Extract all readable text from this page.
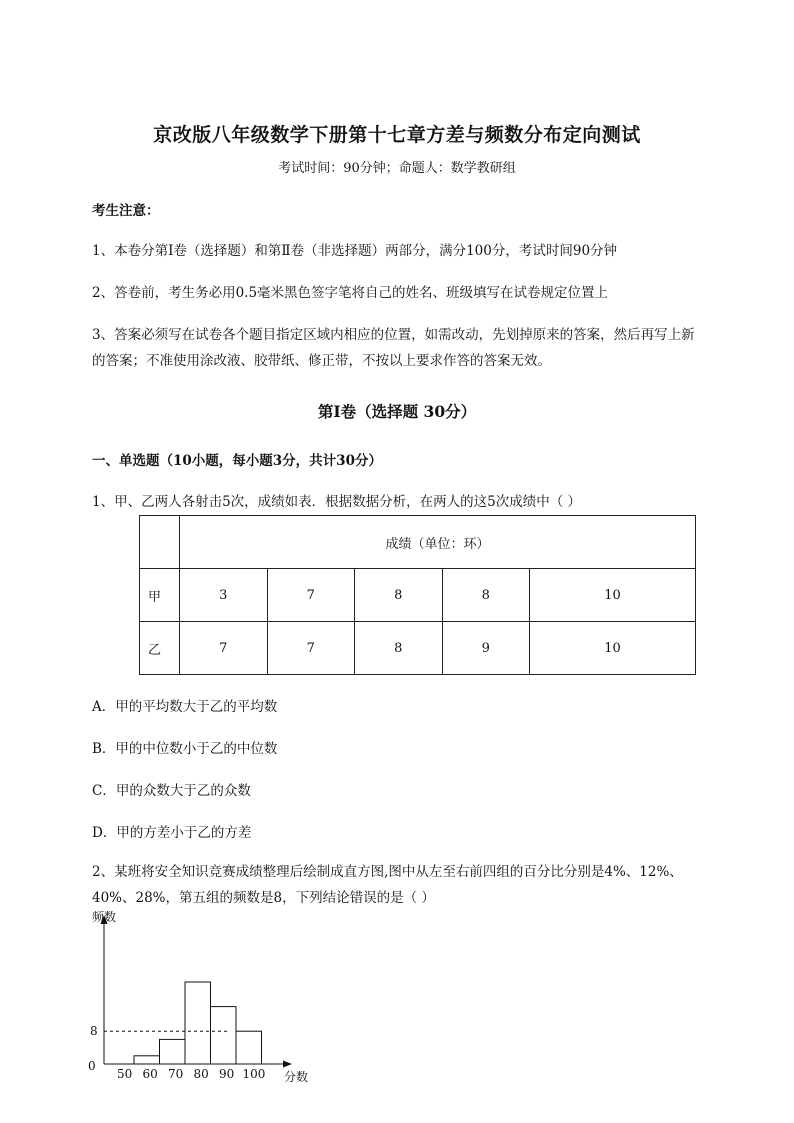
京改版八年级数学下册第十七章方差与频数分布定向测试
考试时间：90分钟；命题人：数学教研组
考生注意：
1、本卷分第I卷（选择题）和第Ⅱ卷（非选择题）两部分，满分100分，考试时间90分钟
2、答卷前，考生务必用0.5毫米黑色签字笔将自己的姓名、班级填写在试卷规定位置上
3、答案必须写在试卷各个题目指定区域内相应的位置，如需改动，先划掉原来的答案，然后再写上新
的答案；不准使用涂改液、胶带纸、修正带，不按以上要求作答的答案无效。
第I卷（选择题 30分）
一、单选题（10小题，每小题3分，共计30分）
1、甲、乙两人各射击5次，成绩如表．根据数据分析，在两人的这5次成绩中（ ）
	成绩（单位：环）				
甲	3	7	8	8	10
乙	7	7	8	9	10
A．甲的平均数大于乙的平均数
B．甲的中位数小于乙的中位数
C．甲的众数大于乙的众数
D．甲的方差小于乙的方差
2、某班将安全知识竞赛成绩整理后绘制成直方图,图中从左至右前四组的百分比分别是4%、12%、
40%、28%，第五组的频数是8，下列结论错误的是（ ）
0
8
50 60 70 80 90 100
频数
分数
